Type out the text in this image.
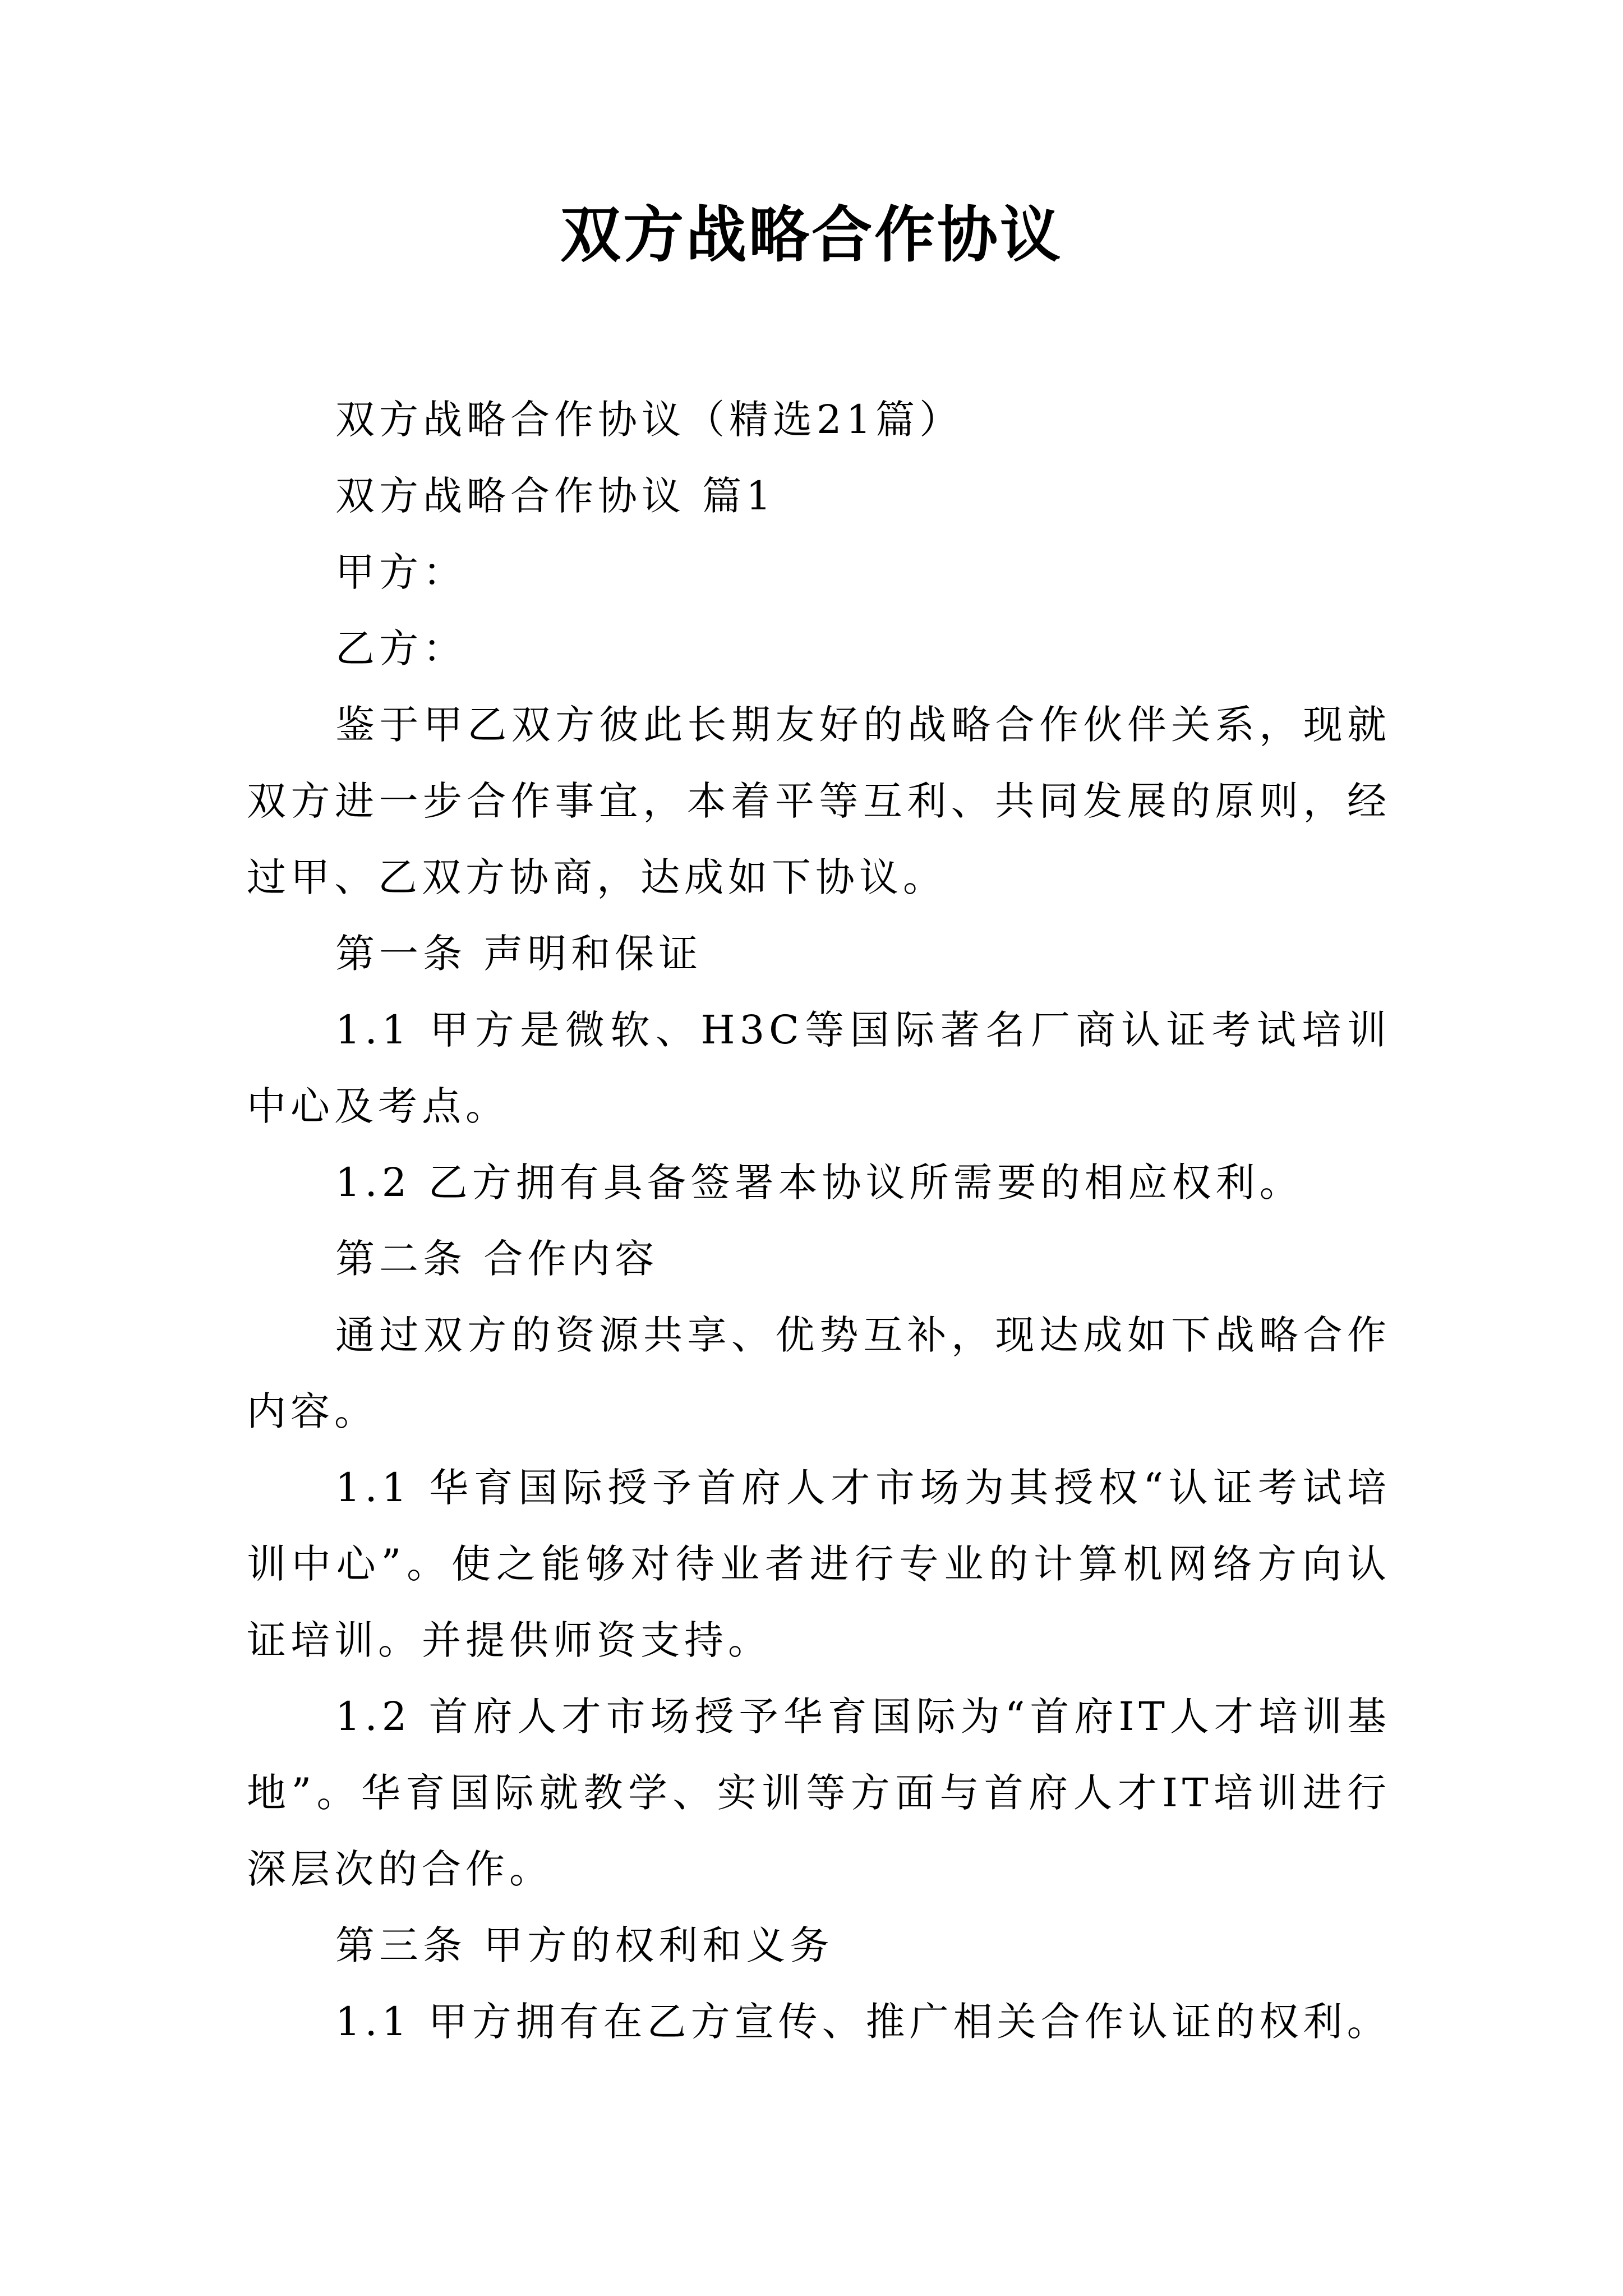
双方战略合作协议

双方战略合作协议（精选21篇）

双方战略合作协议 篇1

甲方：

乙方：

鉴于甲乙双方彼此长期友好的战略合作伙伴关系，现就双方进一步合作事宜，本着平等互利、共同发展的原则，经过甲、乙双方协商，达成如下协议。

第一条 声明和保证

1.1 甲方是微软、H3C等国际著名厂商认证考试培训中心及考点。

1.2 乙方拥有具备签署本协议所需要的相应权利。

第二条 合作内容

通过双方的资源共享、优势互补，现达成如下战略合作内容。

1.1 华育国际授予首府人才市场为其授权“认证考试培训中心”。使之能够对待业者进行专业的计算机网络方向认证培训。并提供师资支持。

1.2 首府人才市场授予华育国际为“首府IT人才培训基地”。华育国际就教学、实训等方面与首府人才IT培训进行深层次的合作。

第三条 甲方的权利和义务

1.1 甲方拥有在乙方宣传、推广相关合作认证的权利。
